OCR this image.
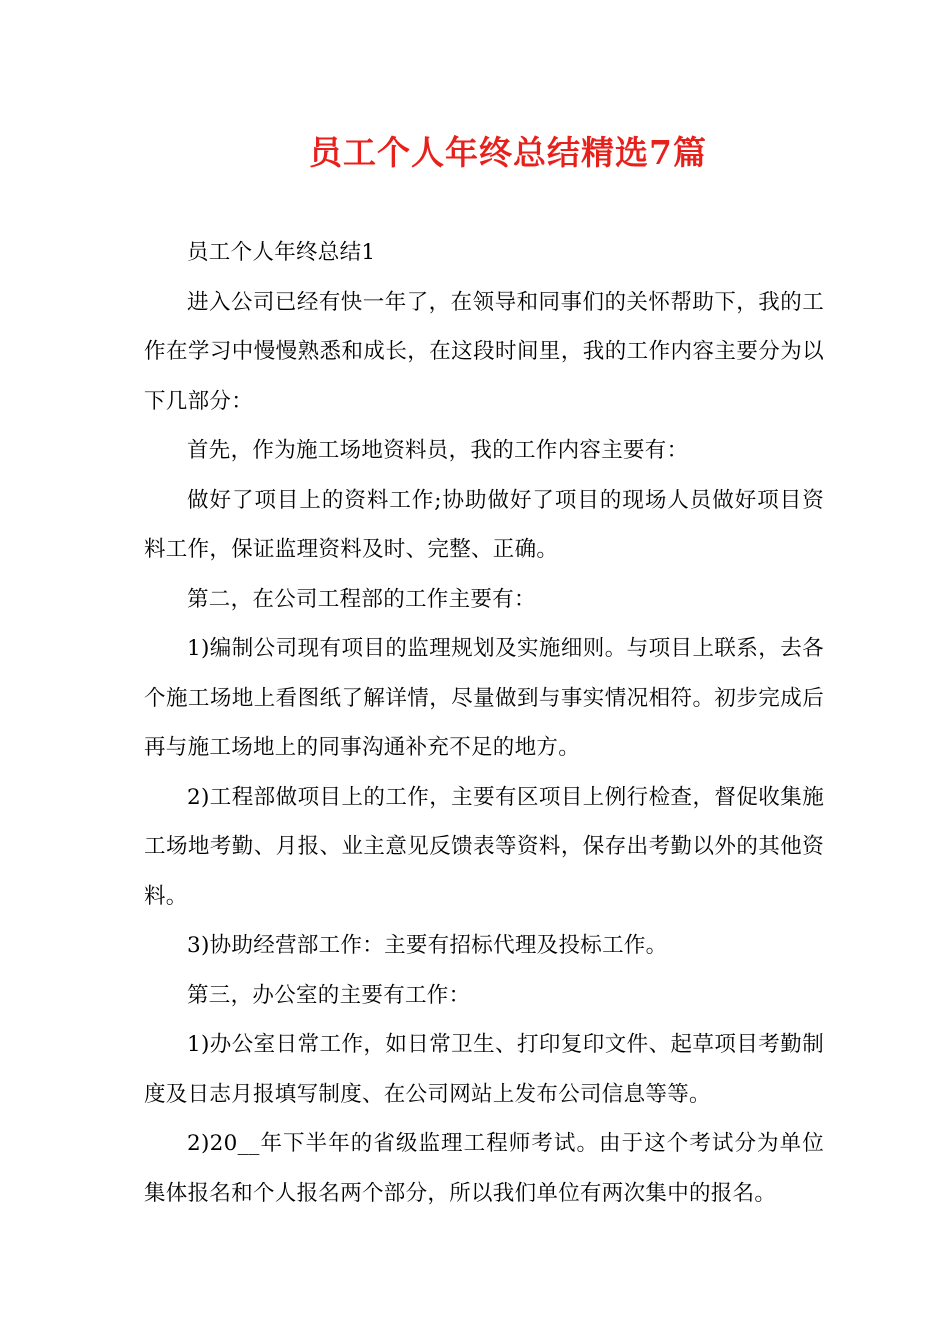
员工个人年终总结精选7篇

员工个人年终总结1

进入公司已经有快一年了，在领导和同事们的关怀帮助下，我的工作在学习中慢慢熟悉和成长，在这段时间里，我的工作内容主要分为以下几部分：

首先，作为施工场地资料员，我的工作内容主要有：

做好了项目上的资料工作;协助做好了项目的现场人员做好项目资料工作，保证监理资料及时、完整、正确。

第二，在公司工程部的工作主要有：

1)编制公司现有项目的监理规划及实施细则。与项目上联系，去各个施工场地上看图纸了解详情，尽量做到与事实情况相符。初步完成后再与施工场地上的同事沟通补充不足的地方。

2)工程部做项目上的工作，主要有区项目上例行检查，督促收集施工场地考勤、月报、业主意见反馈表等资料，保存出考勤以外的其他资料。

3)协助经营部工作：主要有招标代理及投标工作。

第三，办公室的主要有工作：

1)办公室日常工作，如日常卫生、打印复印文件、起草项目考勤制度及日志月报填写制度、在公司网站上发布公司信息等等。

2)20__年下半年的省级监理工程师考试。由于这个考试分为单位集体报名和个人报名两个部分，所以我们单位有两次集中的报名。
